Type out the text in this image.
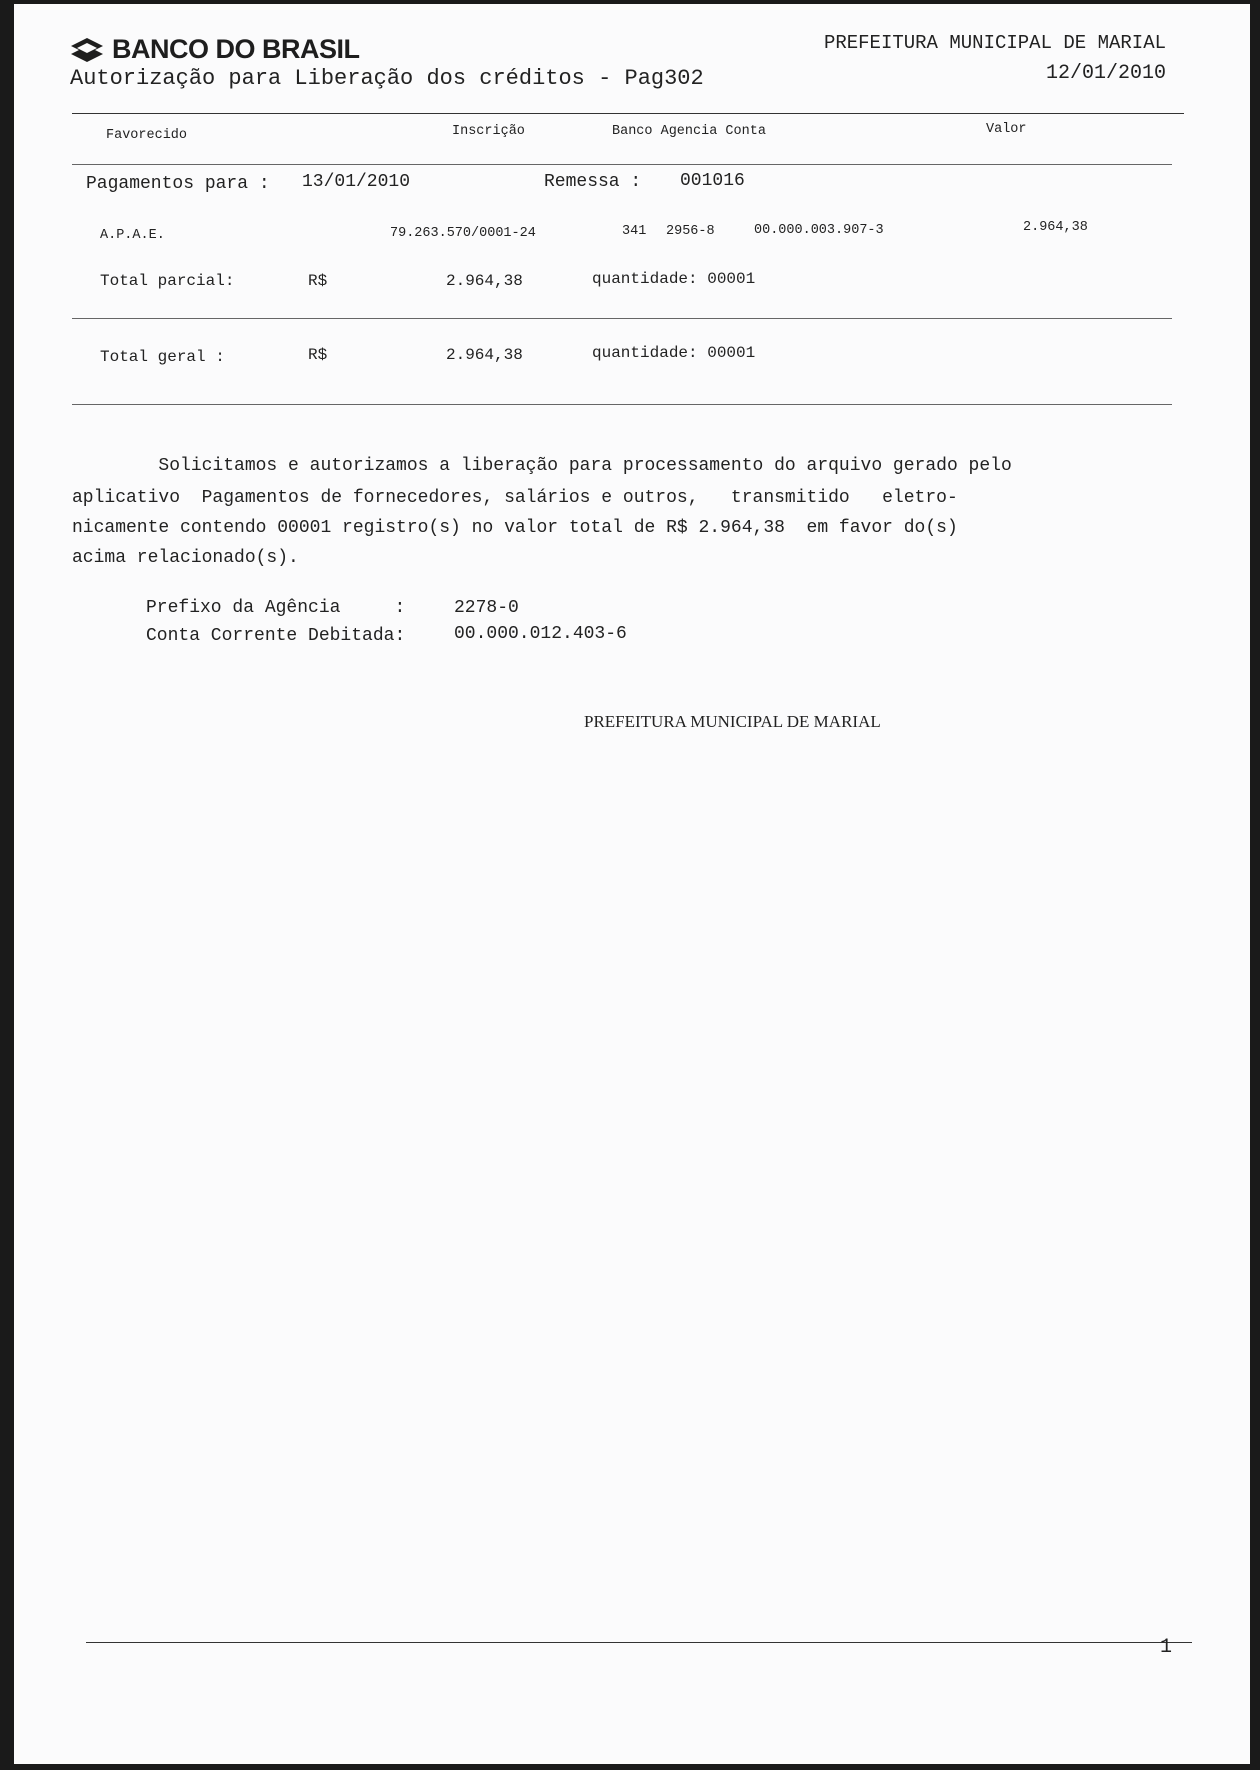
BANCO DO BRASIL
Autorização para Liberação dos créditos - Pag302
PREFEITURA MUNICIPAL DE MARIAL
12/01/2010
Favorecido	Inscrição	Banco Agencia Conta	Valor
Pagamentos para : 13/01/2010	Remessa : 001016
A.P.A.E.	79.263.570/0001-24	341 2956-8	00.000.003.907-3	2.964,38
Total parcial:	R$	2.964,38	quantidade: 00001
Total geral :	R$	2.964,38	quantidade: 00001
Solicitamos e autorizamos a liberação para processamento do arquivo gerado pelo
aplicativo  Pagamentos de fornecedores, salários e outros,   transmitido   eletro-
nicamente contendo 00001 registro(s) no valor total de R$ 2.964,38  em favor do(s)
acima relacionado(s).
Prefixo da Agência     :	2278-0
Conta Corrente Debitada:	00.000.012.403-6
PREFEITURA MUNICIPAL DE MARIAL
1
